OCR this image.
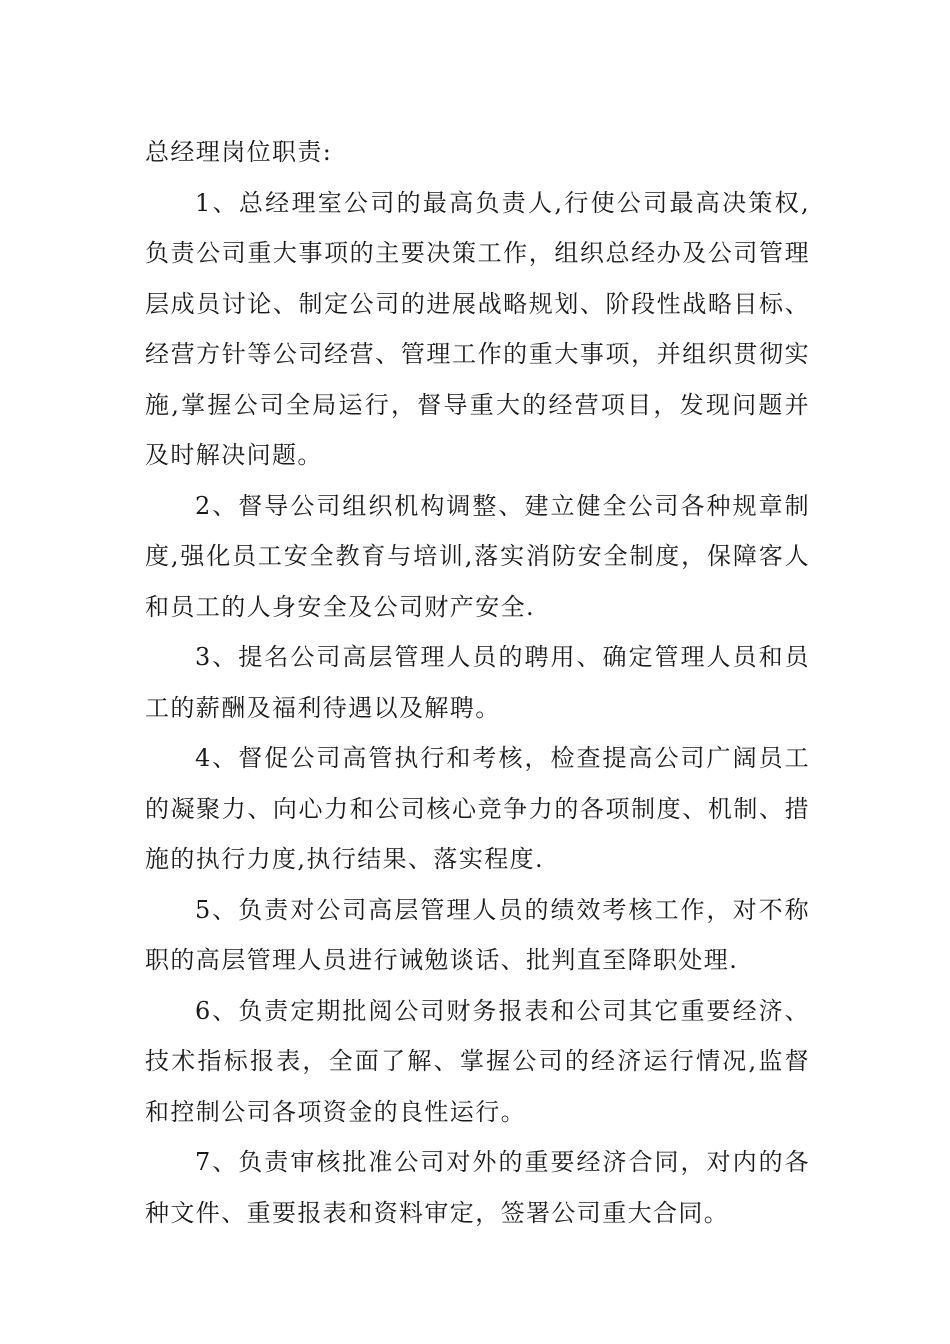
总经理岗位职责:

1、总经理室公司的最高负责人,行使公司最高决策权,负责公司重大事项的主要决策工作，组织总经办及公司管理层成员讨论、制定公司的进展战略规划、阶段性战略目标、经营方针等公司经营、管理工作的重大事项，并组织贯彻实施,掌握公司全局运行，督导重大的经营项目，发现问题并及时解决问题。

2、督导公司组织机构调整、建立健全公司各种规章制度,强化员工安全教育与培训,落实消防安全制度，保障客人和员工的人身安全及公司财产安全.

3、提名公司高层管理人员的聘用、确定管理人员和员工的薪酬及福利待遇以及解聘。

4、督促公司高管执行和考核，检查提高公司广阔员工的凝聚力、向心力和公司核心竞争力的各项制度、机制、措施的执行力度,执行结果、落实程度.

5、负责对公司高层管理人员的绩效考核工作，对不称职的高层管理人员进行诫勉谈话、批判直至降职处理.

6、负责定期批阅公司财务报表和公司其它重要经济、技术指标报表，全面了解、掌握公司的经济运行情况,监督和控制公司各项资金的良性运行。

7、负责审核批准公司对外的重要经济合同，对内的各种文件、重要报表和资料审定，签署公司重大合同。
